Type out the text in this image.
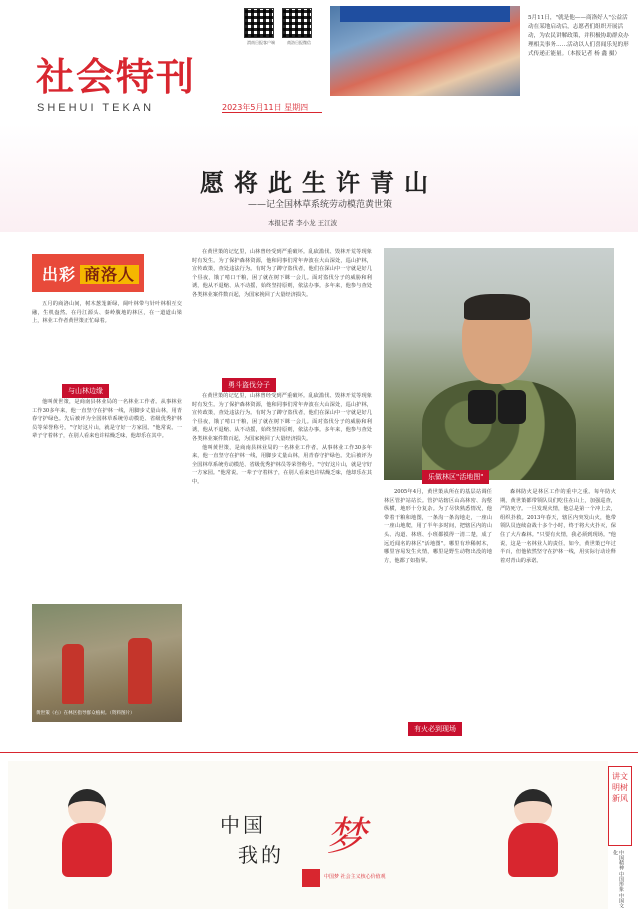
社会特刊
SHEHUI TEKAN
渭南日报客户端	商洛日报微信
2023年5月11日 星期四
5月11日，"就是他——商洛好人"公益活动在某地启动后，志愿者们组织开展活动，为农民讲解政策，并积极协助群众办理相关事务……活动以人们喜闻乐见的形式传递正能量。（本报记者 杨 鑫 摄）
愿将此生许青山
——记全国林草系统劳动模范黄世策
本报记者 李小龙 王江波
出彩 商洛人

五月的商洛山间，树木葱茏新绿，阔叶林带与针叶林相互交融，生机盎然。在丹江源头、秦岭腹地的林区，在一道道山梁上，林业工作者黄世策正忙碌着。

与山林边缘

他叫黄世策，是商南县林业局的一名林业工作者。从事林业工作30多年来，他一直坚守在护林一线，用脚步丈量山林，用青春守护绿色。先后被评为全国林草系统劳动模范、省级优秀护林员等荣誉称号。"守好这片山，就是守好一方家园。"他常说。一辈子守着林子，在别人看来也许枯燥乏味，他却乐在其中。

黄世策（右）在林区指导群众植树。（资料图片）

在黄世策的记忆里，山林曾经受到严重破坏。乱砍滥伐、毁林开荒等现象时有发生。为了保护森林资源，他和同事们常年奔波在大山深处，巡山护林，宣传政策，查处违法行为。有时为了蹲守盗伐者，他们在深山中一守就是好几个昼夜，饿了啃口干粮，困了就在树下眯一会儿。面对盗伐分子的威胁和利诱，他从不退缩、从不动摇，始终坚持原则，依法办事。多年来，他参与查处各类林业案件数百起，为国家挽回了大量经济损失。

勇斗盗伐分子

在黄世策的记忆里，山林曾经受到严重破坏。乱砍滥伐、毁林开荒等现象时有发生。为了保护森林资源，他和同事们常年奔波在大山深处，巡山护林，宣传政策，查处违法行为。有时为了蹲守盗伐者，他们在深山中一守就是好几个昼夜，饿了啃口干粮，困了就在树下眯一会儿。面对盗伐分子的威胁和利诱，他从不退缩、从不动摇，始终坚持原则，依法办事。多年来，他参与查处各类林业案件数百起，为国家挽回了大量经济损失。

他叫黄世策，是商南县林业局的一名林业工作者。从事林业工作30多年来，他一直坚守在护林一线，用脚步丈量山林，用青春守护绿色。先后被评为全国林草系统劳动模范、省级优秀护林员等荣誉称号。"守好这片山，就是守好一方家园。"他常说。一辈子守着林子，在别人看来也许枯燥乏味，他却乐在其中。

乐做林区"活地图"

2005年4月，黄世策从所在的基层站调任林区管护站站长。管护站辖区山高林密、沟壑纵横，地形十分复杂。为了尽快熟悉情况，他带着干粮和地图，一条沟一条沟地走，一座山一座山地爬，用了半年多时间，把辖区内的山头、沟道、林班、小班都摸得一清二楚，成了远近闻名的林区"活地图"。哪里有珍稀树木，哪里容易发生火情，哪里是野生动物出没的地方，他都了如指掌。

有火必到现场

森林防火是林区工作的重中之重。每年防火期，黄世策都带领队员们吃住在山上，加强巡查，严防死守。一旦发现火情，他总是第一个冲上去，组织扑救。2013年春天，辖区内突发山火，他带领队员连续奋战十多个小时，终于将大火扑灭，保住了大片森林。"只要有火情，我必须到现场。"他说，这是一名林业人的责任。如今，黄世策已年过半百，但他依然坚守在护林一线，用实际行动诠释着对青山的承诺。

中国
我的 梦
中国梦 社会主义核心价值观
讲文明树新风
中国精神 中国形象 中国文化
